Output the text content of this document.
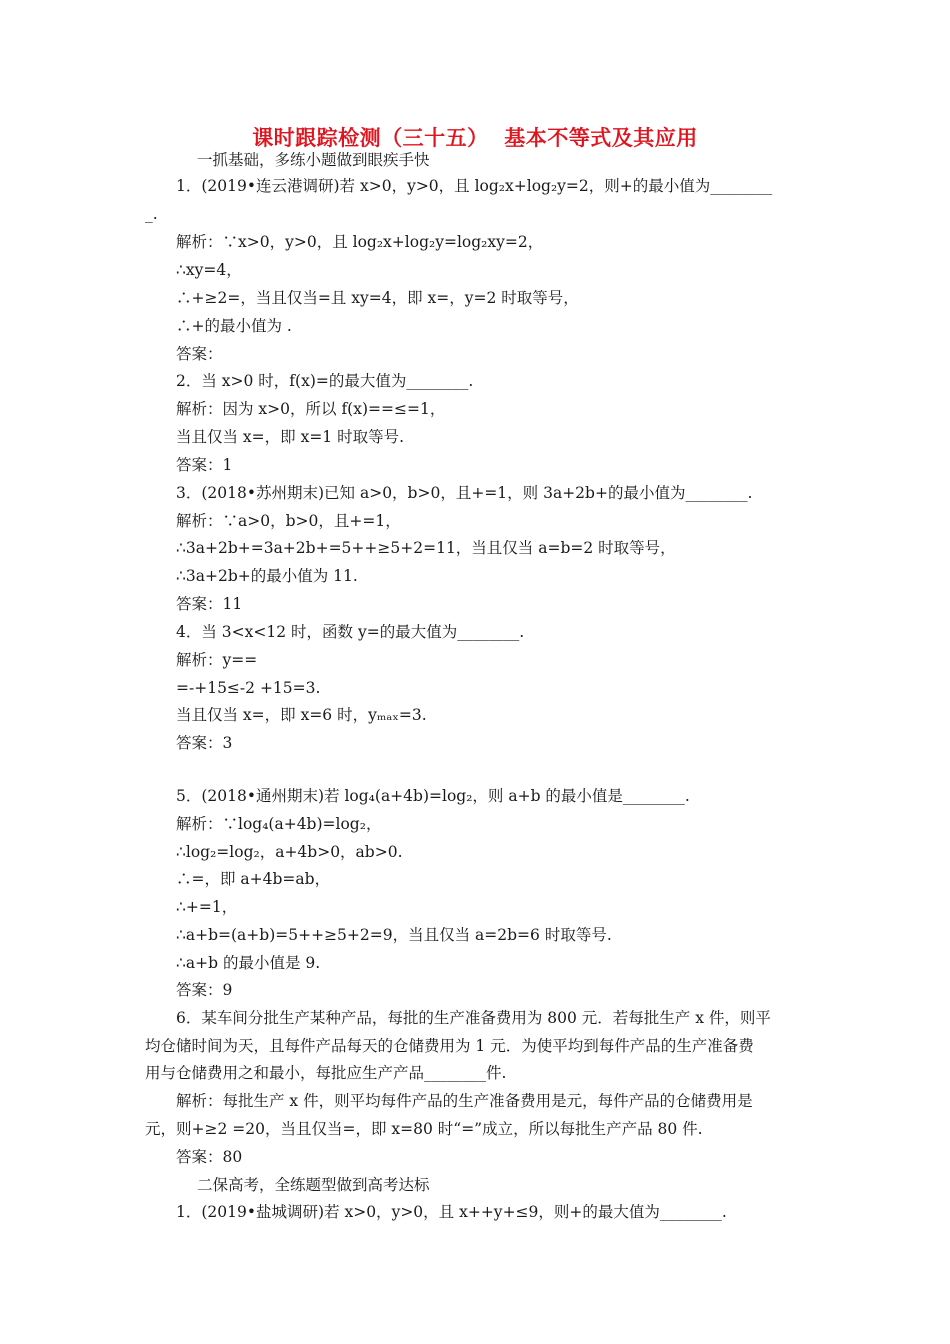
课时跟踪检测（三十五）  基本不等式及其应用
一抓基础，多练小题做到眼疾手快
1．(2019•连云港调研)若 x>0，y>0，且 log₂x+log₂y=2，则+的最小值为________
_.
解析：∵x>0，y>0，且 log₂x+log₂y=log₂xy=2，
∴xy=4，
∴+≥2=，当且仅当=且 xy=4，即 x=，y=2 时取等号，
∴+的最小值为 .
答案：
2．当 x>0 时，f(x)=的最大值为________.
解析：因为 x>0，所以 f(x)==≤=1，
当且仅当 x=，即 x=1 时取等号.
答案：1
3．(2018•苏州期末)已知 a>0，b>0，且+=1，则 3a+2b+的最小值为________.
解析：∵a>0，b>0，且+=1，
∴3a+2b+=3a+2b+=5++≥5+2=11，当且仅当 a=b=2 时取等号，
∴3a+2b+的最小值为 11.
答案：11
4．当 3<x<12 时，函数 y=的最大值为________.
解析：y==
=-+15≤-2 +15=3.
当且仅当 x=，即 x=6 时，yₘₐₓ=3.
答案：3
5．(2018•通州期末)若 log₄(a+4b)=log₂，则 a+b 的最小值是________.
解析：∵log₄(a+4b)=log₂，
∴log₂=log₂，a+4b>0，ab>0.
∴=，即 a+4b=ab，
∴+=1，
∴a+b=(a+b)=5++≥5+2=9，当且仅当 a=2b=6 时取等号.
∴a+b 的最小值是 9.
答案：9
6．某车间分批生产某种产品，每批的生产准备费用为 800 元．若每批生产 x 件，则平
均仓储时间为天，且每件产品每天的仓储费用为 1 元．为使平均到每件产品的生产准备费
用与仓储费用之和最小，每批应生产产品________件.
解析：每批生产 x 件，则平均每件产品的生产准备费用是元，每件产品的仓储费用是
元，则+≥2 =20，当且仅当=，即 x=80 时“=”成立，所以每批生产产品 80 件.
答案：80
二保高考，全练题型做到高考达标
1．(2019•盐城调研)若 x>0，y>0，且 x++y+≤9，则+的最大值为________.
